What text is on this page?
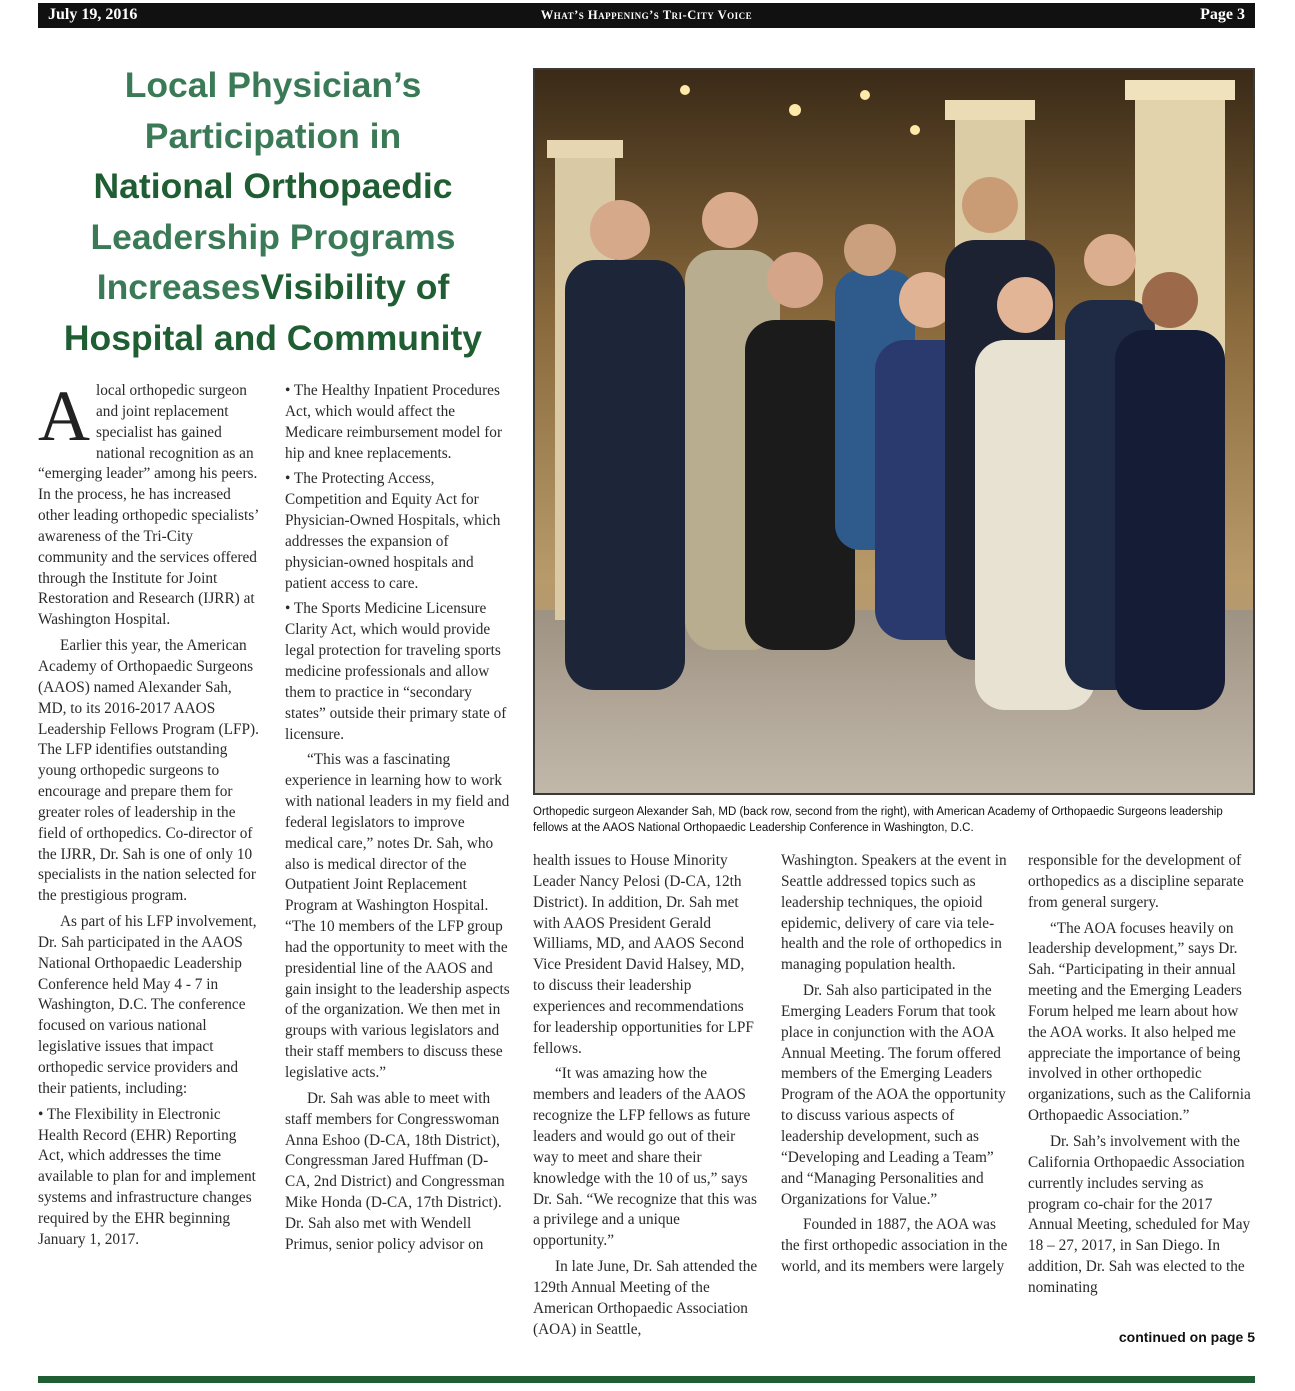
July 19, 2016	What’s Happening’s Tri-City Voice	Page 3
Local Physician’s
Participation in
National Orthopaedic
Leadership Programs
IncreasesVisibility of
Hospital and Community
Orthopedic surgeon Alexander Sah, MD (back row, second from the right), with American Academy of Orthopaedic Surgeons leadership fellows at the AAOS National Orthopaedic Leadership Conference in Washington, D.C.

Alocal orthopedic surgeon and joint replacement specialist has gained national recognition as an “emerging leader” among his peers. In the process, he has increased other leading orthopedic specialists’ awareness of the Tri-City community and the services offered through the Institute for Joint Restoration and Research (IJRR) at Washington Hospital.

Earlier this year, the American Academy of Orthopaedic Surgeons (AAOS) named Alexander Sah, MD, to its 2016-2017 AAOS Leadership Fellows Program (LFP). The LFP identifies outstanding young orthopedic surgeons to encourage and prepare them for greater roles of leadership in the field of orthopedics. Co-director of the IJRR, Dr. Sah is one of only 10 specialists in the nation selected for the prestigious program.

As part of his LFP involvement, Dr. Sah participated in the AAOS National Orthopaedic Leadership Conference held May 4 - 7 in Washington, D.C. The conference focused on various national legislative issues that impact orthopedic service providers and their patients, including:

• The Flexibility in Electronic Health Record (EHR) Reporting Act, which addresses the time available to plan for and implement systems and infrastructure changes required by the EHR beginning January 1, 2017.

• The Healthy Inpatient Procedures Act, which would affect the Medicare reimbursement model for hip and knee replacements.

• The Protecting Access, Competition and Equity Act for Physician-Owned Hospitals, which addresses the expansion of physician-owned hospitals and patient access to care.

• The Sports Medicine Licensure Clarity Act, which would provide legal protection for traveling sports medicine professionals and allow them to practice in “secondary states” outside their primary state of licensure.

“This was a fascinating experience in learning how to work with national leaders in my field and federal legislators to improve medical care,” notes Dr. Sah, who also is medical director of the Outpatient Joint Replacement Program at Washington Hospital. “The 10 members of the LFP group had the opportunity to meet with the presidential line of the AAOS and gain insight to the leadership aspects of the organization. We then met in groups with various legislators and their staff members to discuss these legislative acts.”

Dr. Sah was able to meet with staff members for Congresswoman Anna Eshoo (D-CA, 18th District), Congressman Jared Huffman (D-CA, 2nd District) and Congressman Mike Honda (D-CA, 17th District). Dr. Sah also met with Wendell Primus, senior policy advisor on

health issues to House Minority Leader Nancy Pelosi (D-CA, 12th District). In addition, Dr. Sah met with AAOS President Gerald Williams, MD, and AAOS Second Vice President David Halsey, MD, to discuss their leadership experiences and recommendations for leadership opportunities for LPF fellows.

“It was amazing how the members and leaders of the AAOS recognize the LFP fellows as future leaders and would go out of their way to meet and share their knowledge with the 10 of us,” says Dr. Sah. “We recognize that this was a privilege and a unique opportunity.”

In late June, Dr. Sah attended the 129th Annual Meeting of the American Orthopaedic Association (AOA) in Seattle,

Washington. Speakers at the event in Seattle addressed topics such as leadership techniques, the opioid epidemic, delivery of care via tele-health and the role of orthopedics in managing population health.

Dr. Sah also participated in the Emerging Leaders Forum that took place in conjunction with the AOA Annual Meeting. The forum offered members of the Emerging Leaders Program of the AOA the opportunity to discuss various aspects of leadership development, such as “Developing and Leading a Team” and “Managing Personalities and Organizations for Value.”

Founded in 1887, the AOA was the first orthopedic association in the world, and its members were largely

responsible for the development of orthopedics as a discipline separate from general surgery.

“The AOA focuses heavily on leadership development,” says Dr. Sah. “Participating in their annual meeting and the Emerging Leaders Forum helped me learn about how the AOA works. It also helped me appreciate the importance of being involved in other orthopedic organizations, such as the California Orthopaedic Association.”

Dr. Sah’s involvement with the California Orthopaedic Association currently includes serving as program co-chair for the 2017 Annual Meeting, scheduled for May 18 – 27, 2017, in San Diego. In addition, Dr. Sah was elected to the nominating

continued on page 5
